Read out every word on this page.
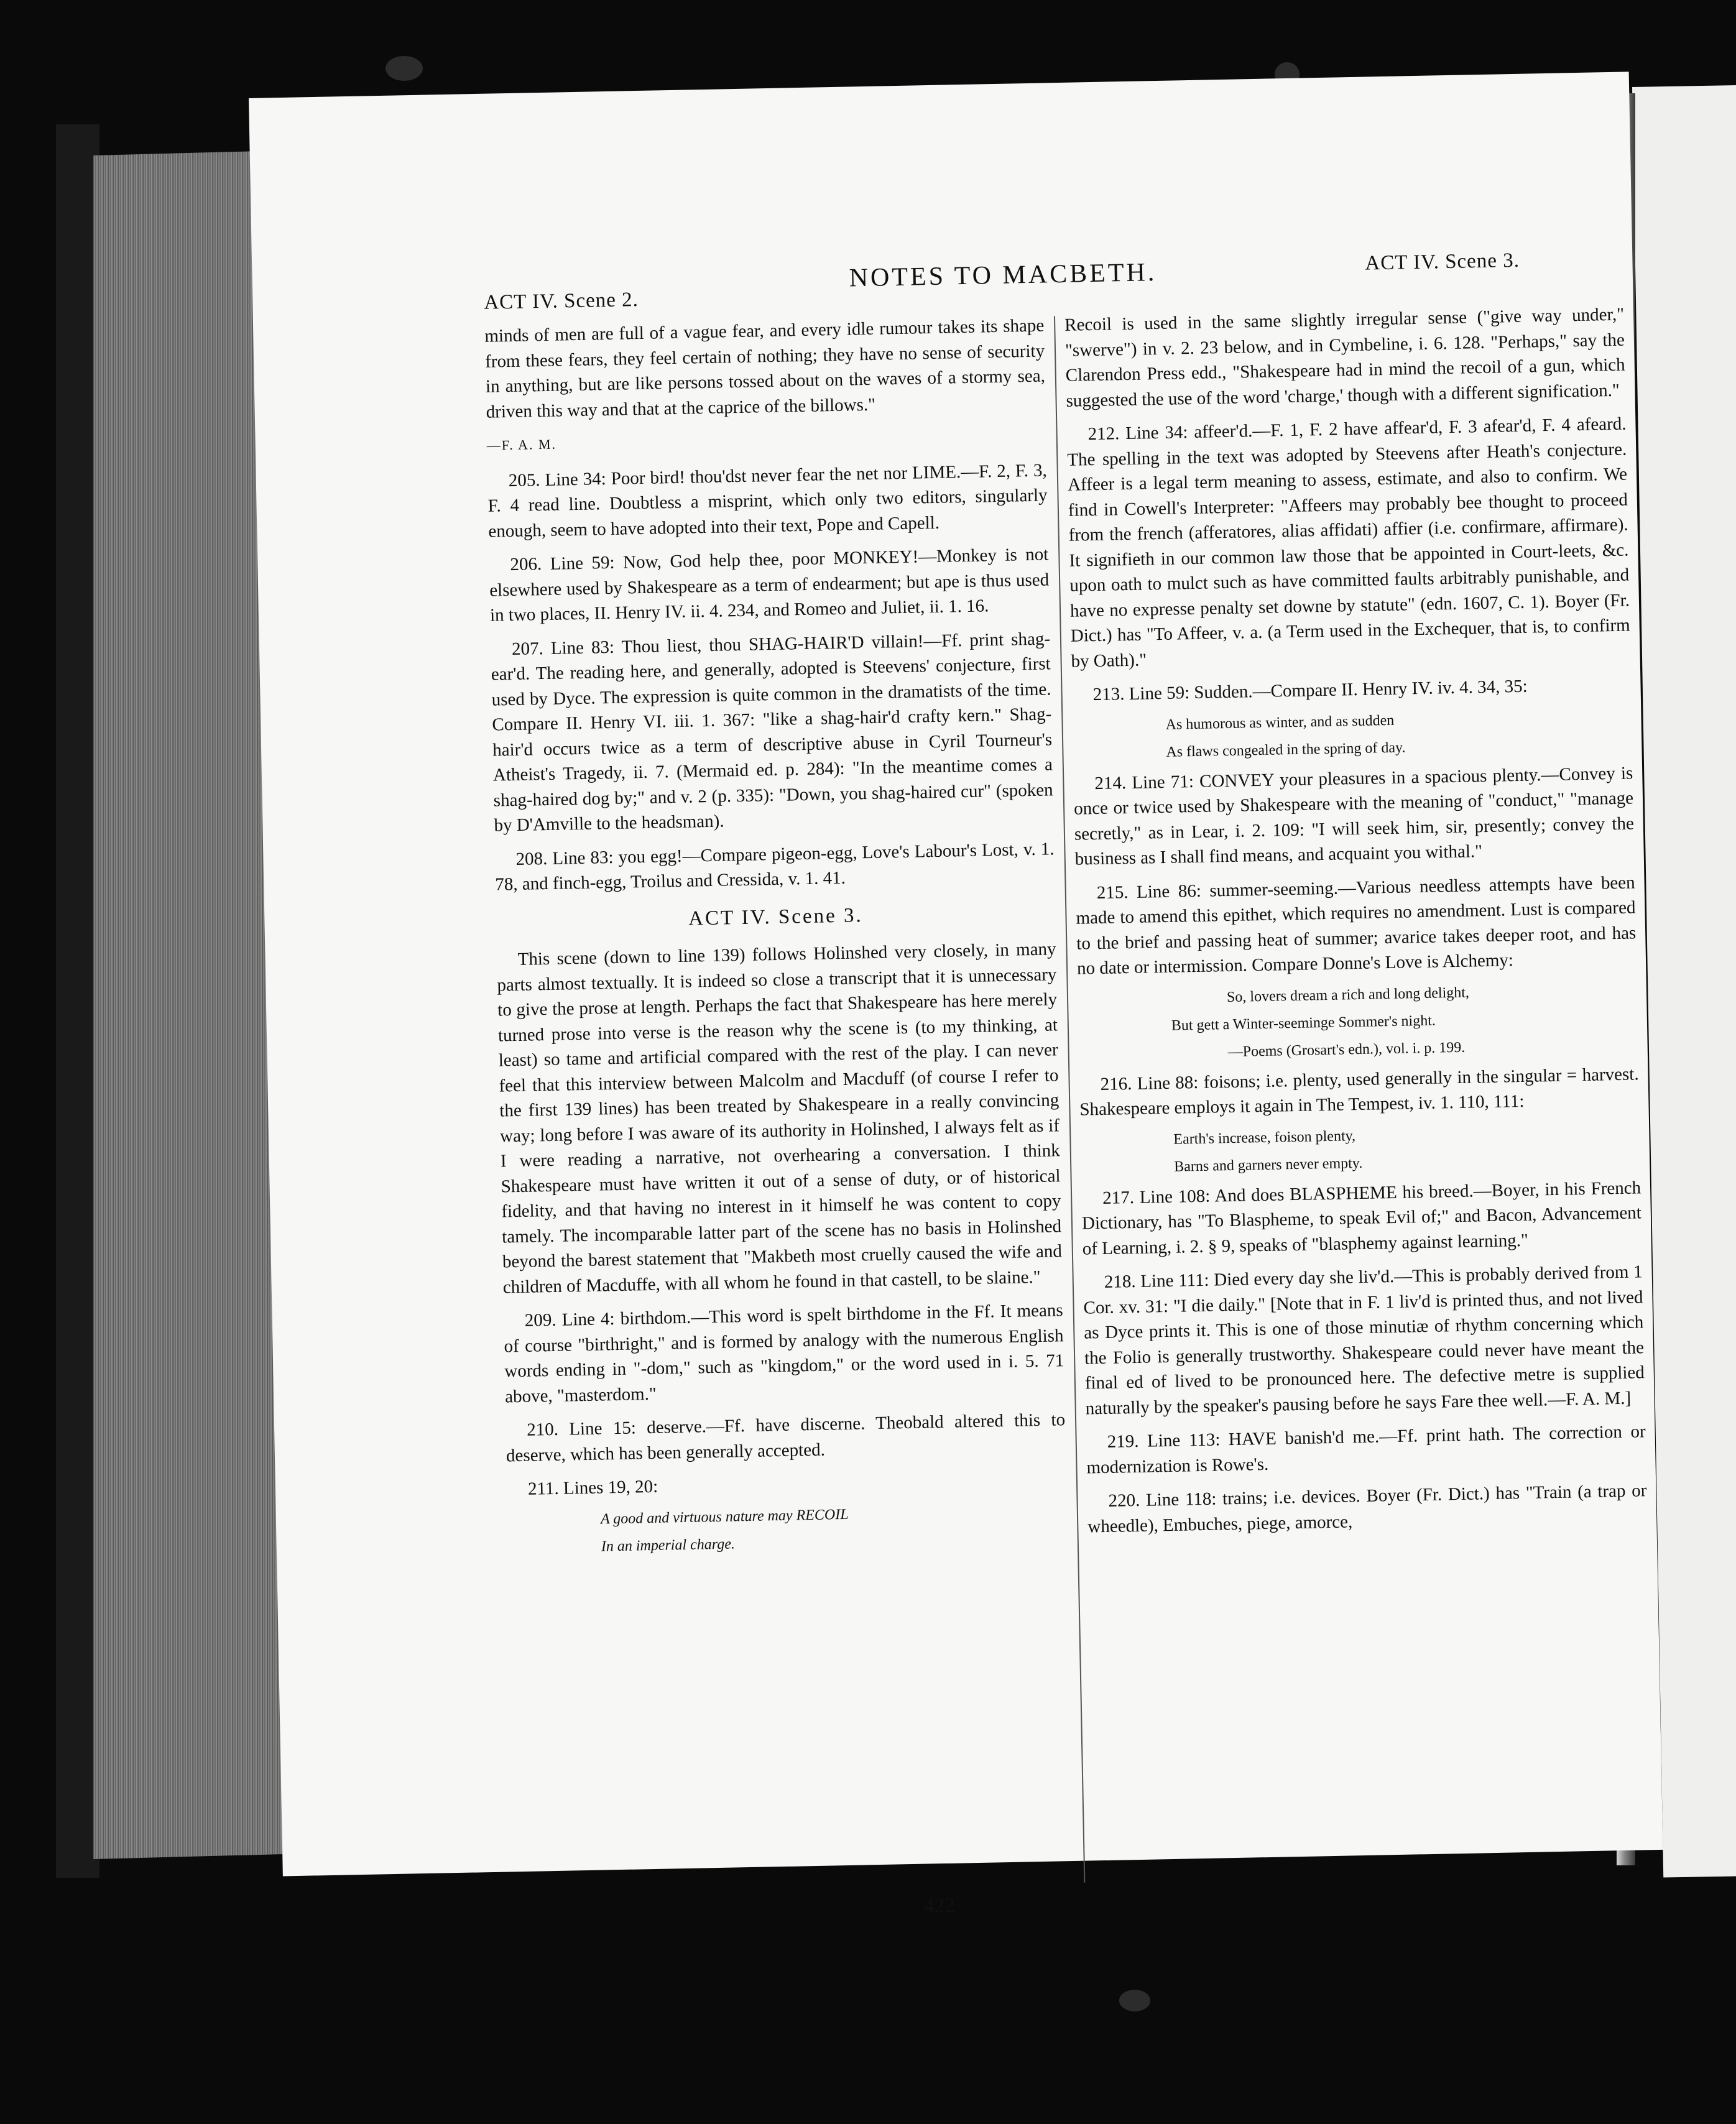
ACT IV. Scene 2.
NOTES TO MACBETH.	ACT IV. Scene 3.

minds of men are full of a vague fear, and every idle rumour takes its shape from these fears, they feel certain of nothing; they have no sense of security in anything, but are like persons tossed about on the waves of a stormy sea, driven this way and that at the caprice of the billows."

—F. A. M.

205. Line 34: Poor bird! thou'dst never fear the net nor LIME.—F. 2, F. 3, F. 4 read line. Doubtless a misprint, which only two editors, singularly enough, seem to have adopted into their text, Pope and Capell.

206. Line 59: Now, God help thee, poor MONKEY!—Monkey is not elsewhere used by Shakespeare as a term of endearment; but ape is thus used in two places, II. Henry IV. ii. 4. 234, and Romeo and Juliet, ii. 1. 16.

207. Line 83: Thou liest, thou SHAG-HAIR'D villain!—Ff. print shag-ear'd. The reading here, and generally, adopted is Steevens' conjecture, first used by Dyce. The expression is quite common in the dramatists of the time. Compare II. Henry VI. iii. 1. 367: "like a shag-hair'd crafty kern." Shag-hair'd occurs twice as a term of descriptive abuse in Cyril Tourneur's Atheist's Tragedy, ii. 7. (Mermaid ed. p. 284): "In the meantime comes a shag-haired dog by;" and v. 2 (p. 335): "Down, you shag-haired cur" (spoken by D'Amville to the headsman).

208. Line 83: you egg!—Compare pigeon-egg, Love's Labour's Lost, v. 1. 78, and finch-egg, Troilus and Cressida, v. 1. 41.

ACT IV. Scene 3.

This scene (down to line 139) follows Holinshed very closely, in many parts almost textually. It is indeed so close a transcript that it is unnecessary to give the prose at length. Perhaps the fact that Shakespeare has here merely turned prose into verse is the reason why the scene is (to my thinking, at least) so tame and artificial compared with the rest of the play. I can never feel that this interview between Malcolm and Macduff (of course I refer to the first 139 lines) has been treated by Shakespeare in a really convincing way; long before I was aware of its authority in Holinshed, I always felt as if I were reading a narrative, not overhearing a conversation. I think Shakespeare must have written it out of a sense of duty, or of historical fidelity, and that having no interest in it himself he was content to copy tamely. The incomparable latter part of the scene has no basis in Holinshed beyond the barest statement that "Makbeth most cruelly caused the wife and children of Macduffe, with all whom he found in that castell, to be slaine."

209. Line 4: birthdom.—This word is spelt birthdome in the Ff. It means of course "birthright," and is formed by analogy with the numerous English words ending in "-dom," such as "kingdom," or the word used in i. 5. 71 above, "masterdom."

210. Line 15: deserve.—Ff. have discerne. Theobald altered this to deserve, which has been generally accepted.

211. Lines 19, 20:

A good and virtuous nature may RECOIL
In an imperial charge.

Recoil is used in the same slightly irregular sense ("give way under," "swerve") in v. 2. 23 below, and in Cymbeline, i. 6. 128. "Perhaps," say the Clarendon Press edd., "Shakespeare had in mind the recoil of a gun, which suggested the use of the word 'charge,' though with a different signification."

212. Line 34: affeer'd.—F. 1, F. 2 have affear'd, F. 3 afear'd, F. 4 afeard. The spelling in the text was adopted by Steevens after Heath's conjecture. Affeer is a legal term meaning to assess, estimate, and also to confirm. We find in Cowell's Interpreter: "Affeers may probably bee thought to proceed from the french (afferatores, alias affidati) affier (i.e. confirmare, affirmare). It signifieth in our common law those that be appointed in Court-leets, &c. upon oath to mulct such as have committed faults arbitrably punishable, and have no expresse penalty set downe by statute" (edn. 1607, C. 1). Boyer (Fr. Dict.) has "To Affeer, v. a. (a Term used in the Exchequer, that is, to confirm by Oath)."

213. Line 59: Sudden.—Compare II. Henry IV. iv. 4. 34, 35:

As humorous as winter, and as sudden
As flaws congealed in the spring of day.

214. Line 71: CONVEY your pleasures in a spacious plenty.—Convey is once or twice used by Shakespeare with the meaning of "conduct," "manage secretly," as in Lear, i. 2. 109: "I will seek him, sir, presently; convey the business as I shall find means, and acquaint you withal."

215. Line 86: summer-seeming.—Various needless attempts have been made to amend this epithet, which requires no amendment. Lust is compared to the brief and passing heat of summer; avarice takes deeper root, and has no date or intermission. Compare Donne's Love is Alchemy:

So, lovers dream a rich and long delight,
But gett a Winter-seeminge Sommer's night.
—Poems (Grosart's edn.), vol. i. p. 199.

216. Line 88: foisons; i.e. plenty, used generally in the singular = harvest. Shakespeare employs it again in The Tempest, iv. 1. 110, 111:

Earth's increase, foison plenty,
Barns and garners never empty.

217. Line 108: And does BLASPHEME his breed.—Boyer, in his French Dictionary, has "To Blaspheme, to speak Evil of;" and Bacon, Advancement of Learning, i. 2. § 9, speaks of "blasphemy against learning."

218. Line 111: Died every day she liv'd.—This is probably derived from 1 Cor. xv. 31: "I die daily." [Note that in F. 1 liv'd is printed thus, and not lived as Dyce prints it. This is one of those minutiæ of rhythm concerning which the Folio is generally trustworthy. Shakespeare could never have meant the final ed of lived to be pronounced here. The defective metre is supplied naturally by the speaker's pausing before he says Fare thee well.—F. A. M.]

219. Line 113: HAVE banish'd me.—Ff. print hath. The correction or modernization is Rowe's.

220. Line 118: trains; i.e. devices. Boyer (Fr. Dict.) has "Train (a trap or wheedle), Embuches, piege, amorce,

422
